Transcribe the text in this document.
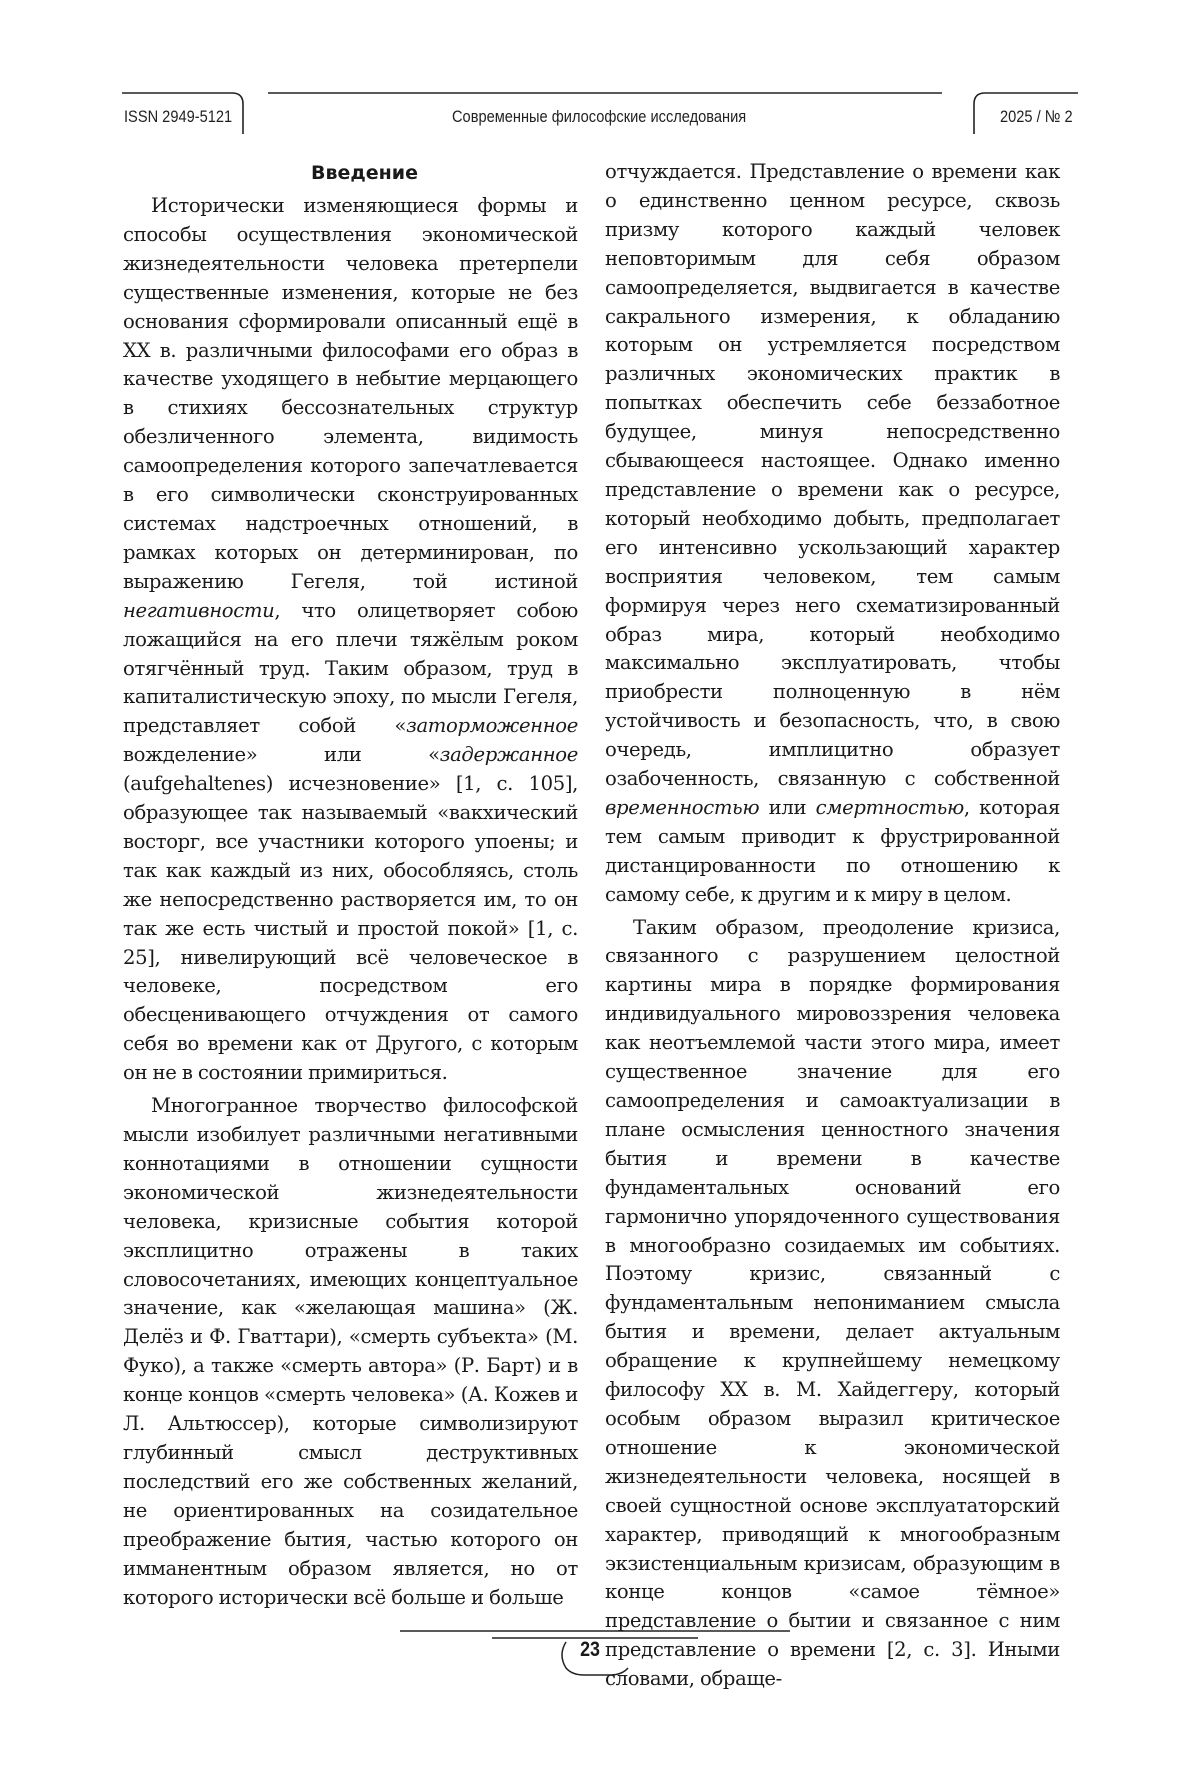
ISSN 2949-5121	Современные философские исследования	2025 / № 2

Введение

Исторически изменяющиеся формы и способы осуществления экономической жизнедеятельности человека претерпели существенные изменения, которые не без основания сформировали описанный ещё в XX в. различными философами его образ в качестве уходящего в небытие мерцающего в стихиях бессознательных структур обезличенного элемента, видимость самоопределения которого запечатлевается в его символически сконструированных системах надстроечных отношений, в рамках которых он детерминирован, по выражению Гегеля, той истиной негативности, что олицетворяет собою ложащийся на его плечи тяжёлым роком отягчённый труд. Таким образом, труд в капиталистическую эпоху, по мысли Гегеля, представляет собой «заторможенное вожделение» или «задержанное (aufgehaltenes) исчезновение» [1, с. 105], образующее так называемый «вакхический восторг, все участники которого упоены; и так как каждый из них, обособляясь, столь же непосредственно растворяется им, то он так же есть чистый и простой покой» [1, с. 25], нивелирующий всё человеческое в человеке, посредством его обесценивающего отчуждения от самого себя во времени как от Другого, с которым он не в состоянии примириться.

Многогранное творчество философской мысли изобилует различными негативными коннотациями в отношении сущности экономической жизнедеятельности человека, кризисные события которой эксплицитно отражены в таких словосочетаниях, имеющих концептуальное значение, как «желающая машина» (Ж. Делёз и Ф. Гваттари), «смерть субъекта» (М. Фуко), а также «смерть автора» (Р. Барт) и в конце концов «смерть человека» (А. Кожев и Л. Альтюссер), которые символизируют глубинный смысл деструктивных последствий его же собственных желаний, не ориентированных на созидательное преображение бытия, частью которого он имманентным образом является, но от которого исторически всё больше и больше

отчуждается. Представление о времени как о единственно ценном ресурсе, сквозь призму которого каждый человек неповторимым для себя образом самоопределяется, выдвигается в качестве сакрального измерения, к обладанию которым он устремляется посредством различных экономических практик в попытках обеспечить себе беззаботное будущее, минуя непосредственно сбывающееся настоящее. Однако именно представление о времени как о ресурсе, который необходимо добыть, предполагает его интенсивно ускользающий характер восприятия человеком, тем самым формируя через него схематизированный образ мира, который необходимо максимально эксплуатировать, чтобы приобрести полноценную в нём устойчивость и безопасность, что, в свою очередь, имплицитно образует озабоченность, связанную с собственной временностью или смертностью, которая тем самым приводит к фрустрированной дистанцированности по отношению к самому себе, к другим и к миру в целом.

Таким образом, преодоление кризиса, связанного с разрушением целостной картины мира в порядке формирования индивидуального мировоззрения человека как неотъемлемой части этого мира, имеет существенное значение для его самоопределения и самоактуализации в плане осмысления ценностного значения бытия и времени в качестве фундаментальных оснований его гармонично упорядоченного существования в многообразно созидаемых им событиях. Поэтому кризис, связанный с фундаментальным непониманием смысла бытия и времени, делает актуальным обращение к крупнейшему немецкому философу XX в. М. Хайдеггеру, который особым образом выразил критическое отношение к экономической жизнедеятельности человека, носящей в своей сущностной основе эксплуататорский характер, приводящий к многообразным экзистенциальным кризисам, образующим в конце концов «самое тёмное» представление о бытии и связанное с ним представление о времени [2, с. 3]. Иными словами, обраще-

23
